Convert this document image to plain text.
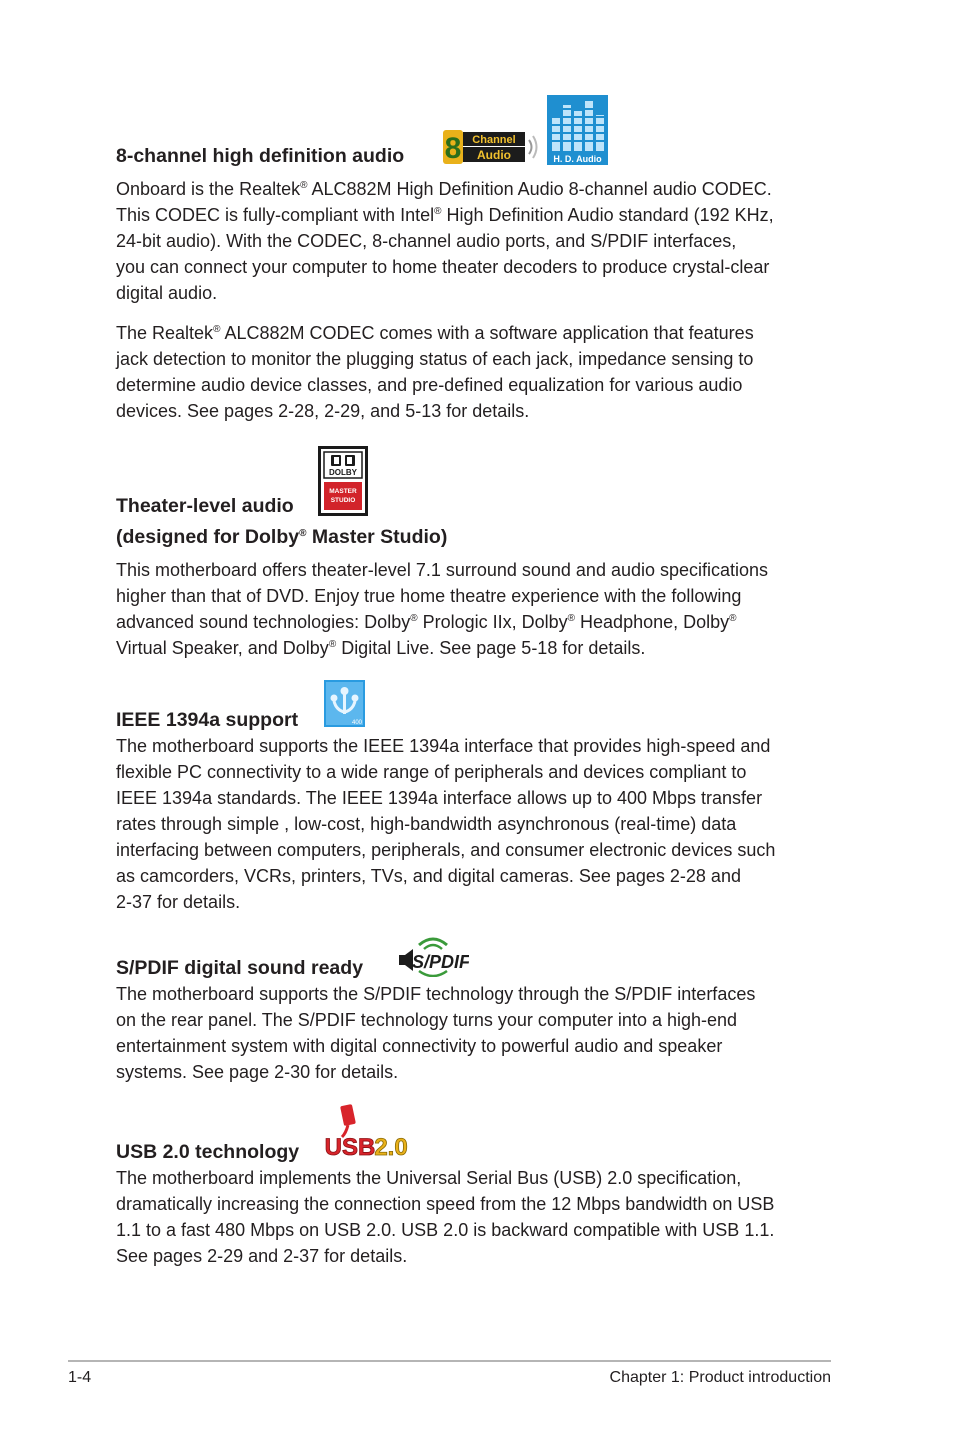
8-channel high definition audio 8 Channel
Audio	H. D. Audio
Onboard is the Realtek® ALC882M High Definition Audio 8-channel audio CODEC.
This CODEC is fully-compliant with Intel® High Definition Audio standard (192 KHz,
24-bit audio). With the CODEC, 8-channel audio ports, and S/PDIF interfaces,
you can connect your computer to home theater decoders to produce crystal-clear
digital audio.
The Realtek® ALC882M CODEC comes with a software application that features
jack detection to monitor the plugging status of each jack, impedance sensing to
determine audio device classes, and pre-defined equalization for various audio
devices. See pages 2-28, 2-29, and 5-13 for details.
DOLBY
MASTER
STUDIO
Theater-level audio
(designed for Dolby® Master Studio)
This motherboard offers theater-level 7.1 surround sound and audio specifications
higher than that of DVD. Enjoy true home theatre experience with the following
advanced sound technologies: Dolby® Prologic IIx, Dolby® Headphone, Dolby®
Virtual Speaker, and Dolby® Digital Live. See page 5-18 for details.
IEEE 1394a support	400
The motherboard supports the IEEE 1394a interface that provides high-speed and
flexible PC connectivity to a wide range of peripherals and devices compliant to
IEEE 1394a standards. The IEEE 1394a interface allows up to 400 Mbps transfer
rates through simple , low-cost, high-bandwidth asynchronous (real-time) data
interfacing between computers, peripherals, and consumer electronic devices such
as camcorders, VCRs, printers, TVs, and digital cameras. See pages 2-28 and
2-37 for details.
S/PDIF digital sound ready	S/PDIF
The motherboard supports the S/PDIF technology through the S/PDIF interfaces
on the rear panel. The S/PDIF technology turns your computer into a high-end
entertainment system with digital connectivity to powerful audio and speaker
systems. See page 2-30 for details.
USB 2.0 technology USB
2.0
The motherboard implements the Universal Serial Bus (USB) 2.0 specification,
dramatically increasing the connection speed from the 12 Mbps bandwidth on USB
1.1 to a fast 480 Mbps on USB 2.0. USB 2.0 is backward compatible with USB 1.1.
See pages 2-29 and 2-37 for details.
1-4	Chapter 1: Product introduction
